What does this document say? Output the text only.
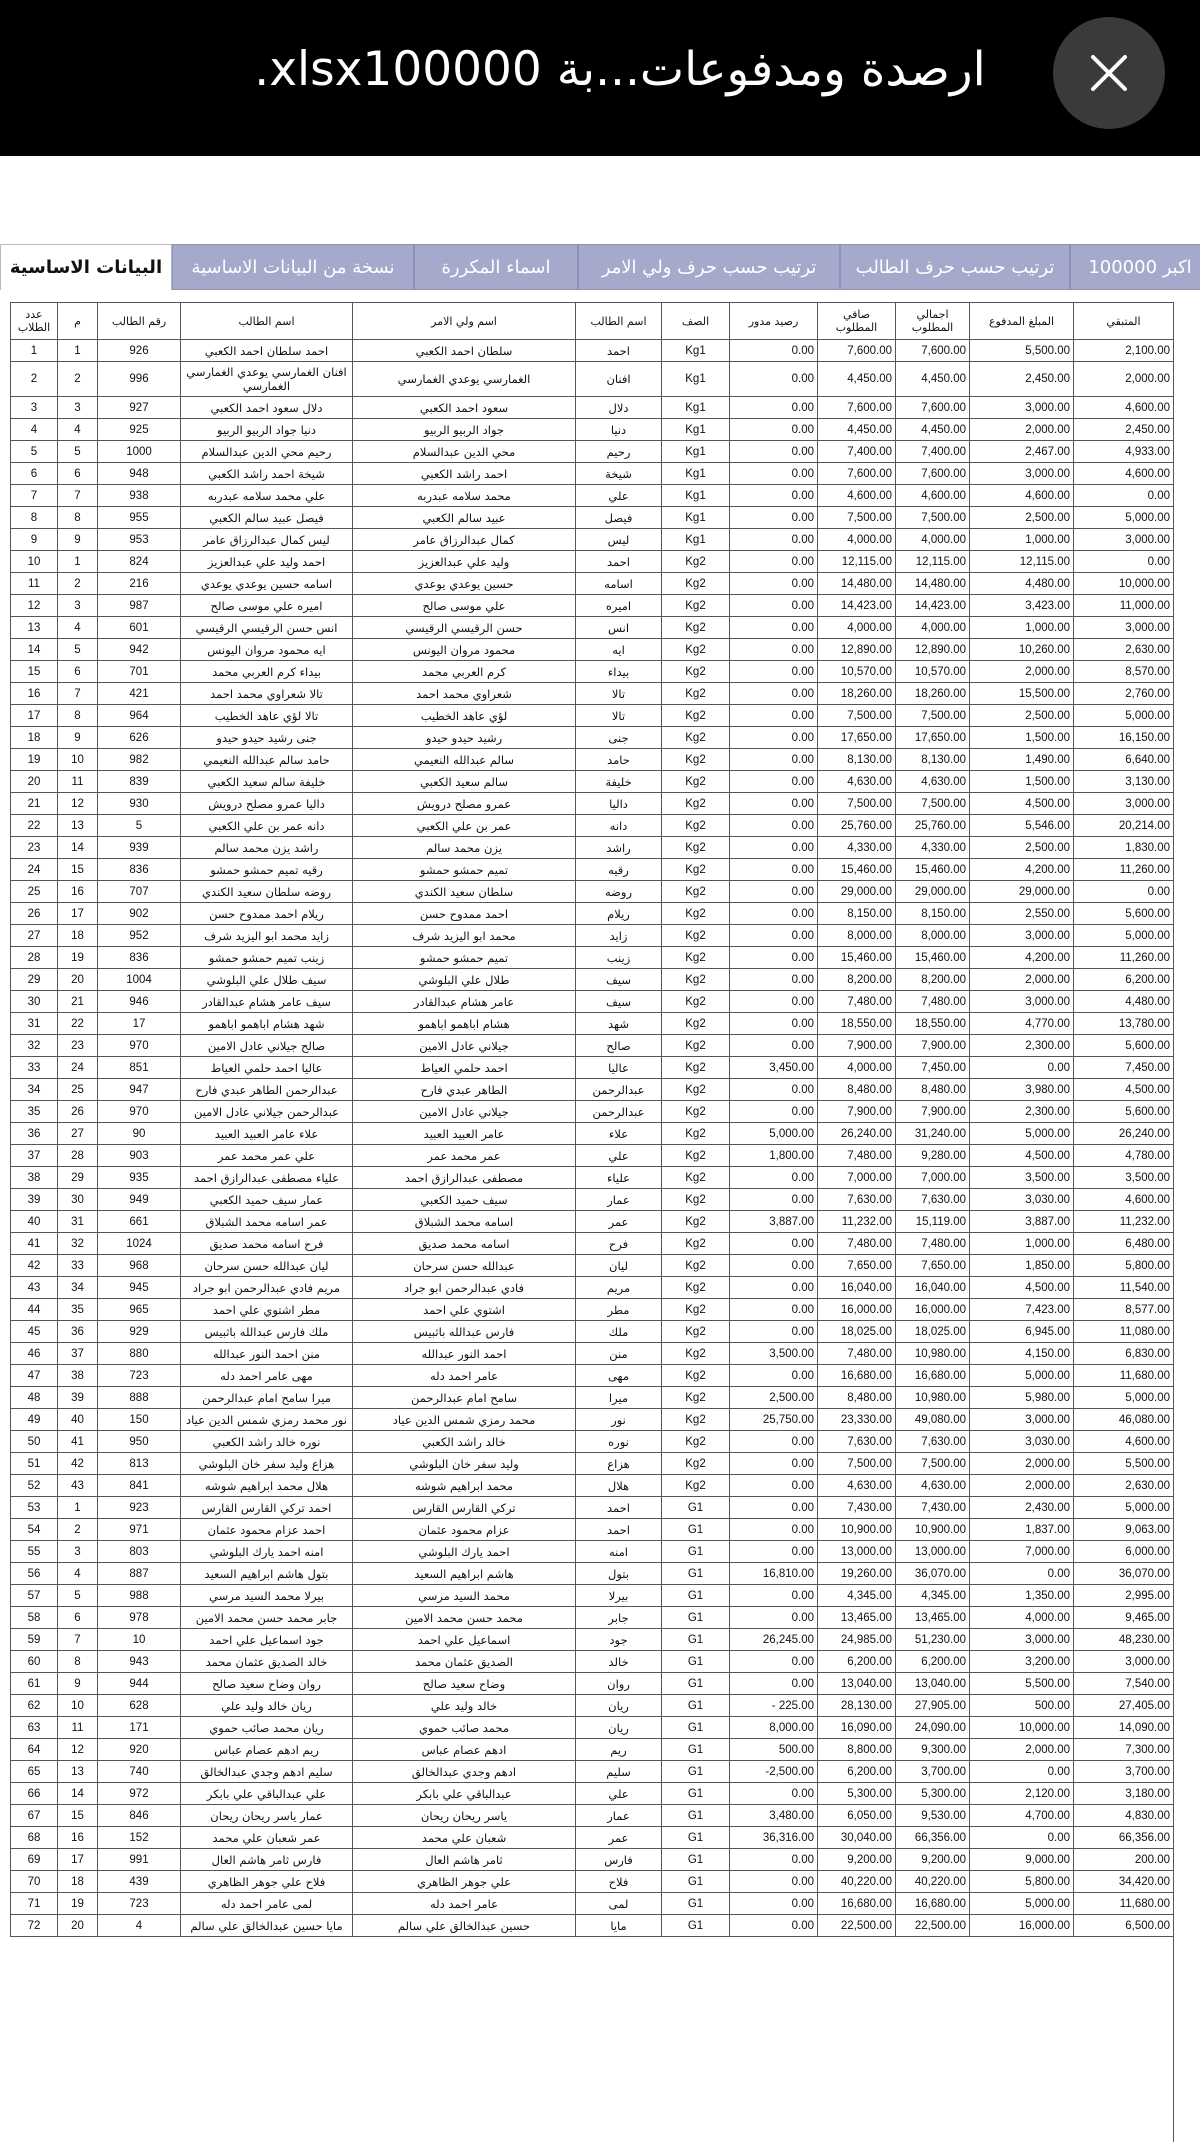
.xlsxارصدة ومدفوعات...بة 100000
البيانات الاساسية	نسخة من البيانات الاساسية	اسماء المكررة	ترتيب حسب حرف ولي الامر	ترتيب حسب حرف الطالب	اكبر 100000
عدد الطلاب	م	رقم الطالب	اسم الطالب	اسم ولي الامر	اسم الطالب	الصف	رصيد مدور	صافي المطلوب	اجمالي المطلوب	المبلغ المدفوع	المتبقي
1	1	926	احمد سلطان احمد الكعبي	سلطان احمد الكعبي	احمد	Kg1	0.00	7,600.00	7,600.00	5,500.00	2,100.00
2	2	996	افنان الغمارسي يوعدي الغمارسي الغمارسي	الغمارسي يوعدي الغمارسي	افنان	Kg1	0.00	4,450.00	4,450.00	2,450.00	2,000.00
3	3	927	دلال سعود احمد الكعبي	سعود احمد الكعبي	دلال	Kg1	0.00	7,600.00	7,600.00	3,000.00	4,600.00
4	4	925	دنيا جواد الربيو الربيو	جواد الربيو الربيو	دنيا	Kg1	0.00	4,450.00	4,450.00	2,000.00	2,450.00
5	5	1000	رحيم محي الدين عبدالسلام	محي الدين عبدالسلام	رحيم	Kg1	0.00	7,400.00	7,400.00	2,467.00	4,933.00
6	6	948	شيخة احمد راشد الكعبي	احمد راشد الكعبي	شيخة	Kg1	0.00	7,600.00	7,600.00	3,000.00	4,600.00
7	7	938	علي محمد سلامه عبدربه	محمد سلامه عبدربه	علي	Kg1	0.00	4,600.00	4,600.00	4,600.00	0.00
8	8	955	فيصل عبيد سالم الكعبي	عبيد سالم الكعبي	فيصل	Kg1	0.00	7,500.00	7,500.00	2,500.00	5,000.00
9	9	953	ليس كمال عبدالرزاق عامر	كمال عبدالرزاق عامر	ليس	Kg1	0.00	4,000.00	4,000.00	1,000.00	3,000.00
10	1	824	احمد وليد علي عبدالعزيز	وليد علي عبدالعزيز	احمد	Kg2	0.00	12,115.00	12,115.00	12,115.00	0.00
11	2	216	اسامه حسين يوعدي يوعدي	حسين يوعدي يوعدي	اسامه	Kg2	0.00	14,480.00	14,480.00	4,480.00	10,000.00
12	3	987	اميره علي موسى صالح	علي موسى صالح	اميره	Kg2	0.00	14,423.00	14,423.00	3,423.00	11,000.00
13	4	601	انس حسن الرقيسي الرقيسي	حسن الرقيسي الرقيسي	انس	Kg2	0.00	4,000.00	4,000.00	1,000.00	3,000.00
14	5	942	ايه محمود مروان اليونس	محمود مروان اليونس	ايه	Kg2	0.00	12,890.00	12,890.00	10,260.00	2,630.00
15	6	701	بيداء كرم العربي محمد	كرم العربي محمد	بيداء	Kg2	0.00	10,570.00	10,570.00	2,000.00	8,570.00
16	7	421	تالا شعراوي محمد احمد	شعراوي محمد احمد	تالا	Kg2	0.00	18,260.00	18,260.00	15,500.00	2,760.00
17	8	964	تالا لؤي عاهد الخطيب	لؤي عاهد الخطيب	تالا	Kg2	0.00	7,500.00	7,500.00	2,500.00	5,000.00
18	9	626	جنى رشيد حيدو حيدو	رشيد حيدو حيدو	جنى	Kg2	0.00	17,650.00	17,650.00	1,500.00	16,150.00
19	10	982	حامد سالم عبدالله النعيمي	سالم عبدالله النعيمي	حامد	Kg2	0.00	8,130.00	8,130.00	1,490.00	6,640.00
20	11	839	خليفة سالم سعيد الكعبي	سالم سعيد الكعبي	خليفة	Kg2	0.00	4,630.00	4,630.00	1,500.00	3,130.00
21	12	930	داليا عمرو مصلح درويش	عمرو مصلح درويش	داليا	Kg2	0.00	7,500.00	7,500.00	4,500.00	3,000.00
22	13	5	دانه عمر بن علي الكعبي	عمر بن علي الكعبي	دانه	Kg2	0.00	25,760.00	25,760.00	5,546.00	20,214.00
23	14	939	راشد يزن محمد سالم	يزن محمد سالم	راشد	Kg2	0.00	4,330.00	4,330.00	2,500.00	1,830.00
24	15	836	رقيه تميم حمشو حمشو	تميم حمشو حمشو	رقيه	Kg2	0.00	15,460.00	15,460.00	4,200.00	11,260.00
25	16	707	روضه سلطان سعيد الكندي	سلطان سعيد الكندي	روضه	Kg2	0.00	29,000.00	29,000.00	29,000.00	0.00
26	17	902	ريلام احمد ممدوح حسن	احمد ممدوح حسن	ريلام	Kg2	0.00	8,150.00	8,150.00	2,550.00	5,600.00
27	18	952	زايد محمد ابو اليزيد شرف	محمد ابو اليزيد شرف	زايد	Kg2	0.00	8,000.00	8,000.00	3,000.00	5,000.00
28	19	836	زينب تميم حمشو حمشو	تميم حمشو حمشو	زينب	Kg2	0.00	15,460.00	15,460.00	4,200.00	11,260.00
29	20	1004	سيف طلال علي البلوشي	طلال علي البلوشي	سيف	Kg2	0.00	8,200.00	8,200.00	2,000.00	6,200.00
30	21	946	سيف عامر هشام عبدالقادر	عامر هشام عبدالقادر	سيف	Kg2	0.00	7,480.00	7,480.00	3,000.00	4,480.00
31	22	17	شهد هشام اباهمو اباهمو	هشام اباهمو اباهمو	شهد	Kg2	0.00	18,550.00	18,550.00	4,770.00	13,780.00
32	23	970	صالح جيلاني عادل الامين	جيلاني عادل الامين	صالح	Kg2	0.00	7,900.00	7,900.00	2,300.00	5,600.00
33	24	851	عاليا احمد حلمي العياط	احمد حلمي العياط	عاليا	Kg2	3,450.00	4,000.00	7,450.00	0.00	7,450.00
34	25	947	عبدالرحمن الطاهر عبدي فارح	الطاهر عبدي فارح	عبدالرحمن	Kg2	0.00	8,480.00	8,480.00	3,980.00	4,500.00
35	26	970	عبدالرحمن جيلاني عادل الامين	جيلاني عادل الامين	عبدالرحمن	Kg2	0.00	7,900.00	7,900.00	2,300.00	5,600.00
36	27	90	علاء عامر العبيد العبيد	عامر العبيد العبيد	علاء	Kg2	5,000.00	26,240.00	31,240.00	5,000.00	26,240.00
37	28	903	علي عمر محمد عمر	عمر محمد عمر	علي	Kg2	1,800.00	7,480.00	9,280.00	4,500.00	4,780.00
38	29	935	علياء مصطفى عبدالرازق احمد	مصطفى عبدالرازق احمد	علياء	Kg2	0.00	7,000.00	7,000.00	3,500.00	3,500.00
39	30	949	عمار سيف حميد الكعبي	سيف حميد الكعبي	عمار	Kg2	0.00	7,630.00	7,630.00	3,030.00	4,600.00
40	31	661	عمر اسامه محمد الشبلاق	اسامه محمد الشبلاق	عمر	Kg2	3,887.00	11,232.00	15,119.00	3,887.00	11,232.00
41	32	1024	فرح اسامه محمد صديق	اسامه محمد صديق	فرح	Kg2	0.00	7,480.00	7,480.00	1,000.00	6,480.00
42	33	968	ليان عبدالله حسن سرحان	عبدالله حسن سرحان	ليان	Kg2	0.00	7,650.00	7,650.00	1,850.00	5,800.00
43	34	945	مريم فادي عبدالرحمن ابو جراد	فادي عبدالرحمن ابو جراد	مريم	Kg2	0.00	16,040.00	16,040.00	4,500.00	11,540.00
44	35	965	مطر اشتوي علي احمد	اشتوي علي احمد	مطر	Kg2	0.00	16,000.00	16,000.00	7,423.00	8,577.00
45	36	929	ملك فارس عبدالله باثبيس	فارس عبدالله باثبيس	ملك	Kg2	0.00	18,025.00	18,025.00	6,945.00	11,080.00
46	37	880	منن احمد النور عبدالله	احمد النور عبدالله	منن	Kg2	3,500.00	7,480.00	10,980.00	4,150.00	6,830.00
47	38	723	مهى عامر احمد دله	عامر احمد دله	مهى	Kg2	0.00	16,680.00	16,680.00	5,000.00	11,680.00
48	39	888	ميرا سامح امام عبدالرحمن	سامح امام عبدالرحمن	ميرا	Kg2	2,500.00	8,480.00	10,980.00	5,980.00	5,000.00
49	40	150	نور محمد رمزي شمس الدين عياد	محمد رمزي شمس الدين عياد	نور	Kg2	25,750.00	23,330.00	49,080.00	3,000.00	46,080.00
50	41	950	نوره خالد راشد الكعبي	خالد راشد الكعبي	نوره	Kg2	0.00	7,630.00	7,630.00	3,030.00	4,600.00
51	42	813	هزاع وليد سفر خان البلوشي	وليد سفر خان البلوشي	هزاع	Kg2	0.00	7,500.00	7,500.00	2,000.00	5,500.00
52	43	841	هلال محمد ابراهيم شوشه	محمد ابراهيم شوشه	هلال	Kg2	0.00	4,630.00	4,630.00	2,000.00	2,630.00
53	1	923	احمد تركي القارس القارس	تركي القارس القارس	احمد	G1	0.00	7,430.00	7,430.00	2,430.00	5,000.00
54	2	971	احمد عزام محمود عثمان	عزام محمود عثمان	احمد	G1	0.00	10,900.00	10,900.00	1,837.00	9,063.00
55	3	803	امنه احمد يارك البلوشي	احمد يارك البلوشي	امنه	G1	0.00	13,000.00	13,000.00	7,000.00	6,000.00
56	4	887	بتول هاشم ابراهيم السعيد	هاشم ابراهيم السعيد	بتول	G1	16,810.00	19,260.00	36,070.00	0.00	36,070.00
57	5	988	بيرلا محمد السيد مرسي	محمد السيد مرسي	بيرلا	G1	0.00	4,345.00	4,345.00	1,350.00	2,995.00
58	6	978	جابر محمد حسن محمد الامين	محمد حسن محمد الامين	جابر	G1	0.00	13,465.00	13,465.00	4,000.00	9,465.00
59	7	10	جود اسماعيل علي احمد	اسماعيل علي احمد	جود	G1	26,245.00	24,985.00	51,230.00	3,000.00	48,230.00
60	8	943	خالد الصديق عثمان محمد	الصديق عثمان محمد	خالد	G1	0.00	6,200.00	6,200.00	3,200.00	3,000.00
61	9	944	روان وضاح سعيد صالح	وضاح سعيد صالح	روان	G1	0.00	13,040.00	13,040.00	5,500.00	7,540.00
62	10	628	ريان خالد وليد علي	خالد وليد علي	ريان	G1	- 225.00	28,130.00	27,905.00	500.00	27,405.00
63	11	171	ريان محمد صائب حموي	محمد صائب حموي	ريان	G1	8,000.00	16,090.00	24,090.00	10,000.00	14,090.00
64	12	920	ريم ادهم عصام عباس	ادهم عصام عباس	ريم	G1	500.00	8,800.00	9,300.00	2,000.00	7,300.00
65	13	740	سليم ادهم وجدي عبدالخالق	ادهم وجدي عبدالخالق	سليم	G1	-2,500.00	6,200.00	3,700.00	0.00	3,700.00
66	14	972	علي عبدالباقي علي بابكر	عبدالباقي علي بابكر	علي	G1	0.00	5,300.00	5,300.00	2,120.00	3,180.00
67	15	846	عمار ياسر ريحان ريحان	ياسر ريحان ريحان	عمار	G1	3,480.00	6,050.00	9,530.00	4,700.00	4,830.00
68	16	152	عمر شعبان علي محمد	شعبان علي محمد	عمر	G1	36,316.00	30,040.00	66,356.00	0.00	66,356.00
69	17	991	فارس ثامر هاشم العال	ثامر هاشم العال	فارس	G1	0.00	9,200.00	9,200.00	9,000.00	200.00
70	18	439	فلاح علي جوهر الظاهري	علي جوهر الظاهري	فلاح	G1	0.00	40,220.00	40,220.00	5,800.00	34,420.00
71	19	723	لمى عامر احمد دله	عامر احمد دله	لمى	G1	0.00	16,680.00	16,680.00	5,000.00	11,680.00
72	20	4	مايا حسين عبدالخالق علي سالم	حسين عبدالخالق علي سالم	مايا	G1	0.00	22,500.00	22,500.00	16,000.00	6,500.00
